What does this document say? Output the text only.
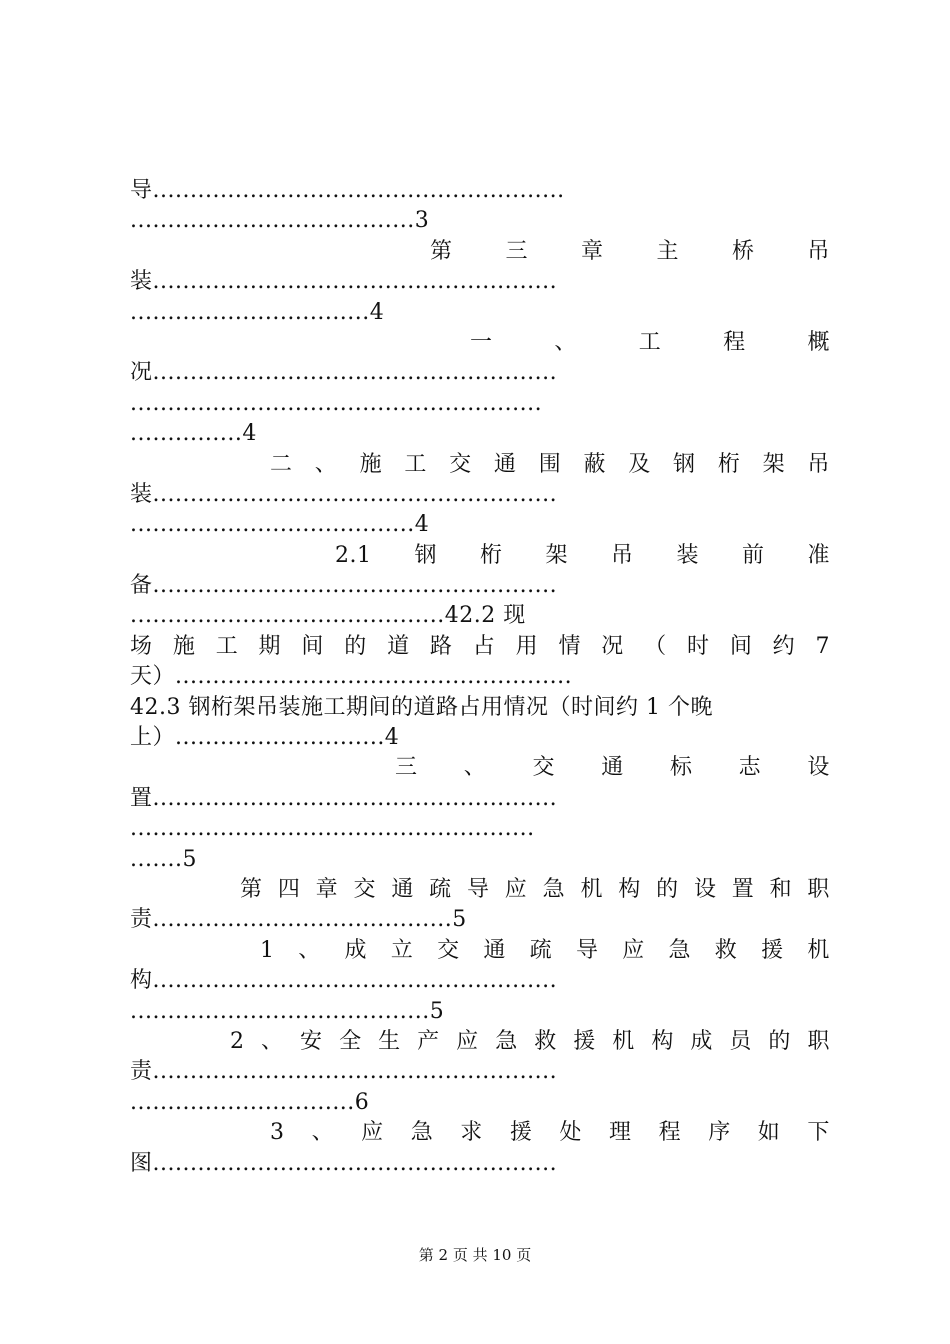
导.......................................................
......................................3
第 三 章 主 桥 吊
装......................................................
................................4
一	、	工	程	概
况......................................................
.......................................................
...............4
二 、 施 工 交 通 围 蔽 及 钢 桁 架 吊
装......................................................
......................................4
2.1 钢 桁 架 吊 装 前 准
备......................................................
..........................................42.2 现
场 施 工 期 间 的 道 路 占 用 情 况 （ 时 间 约 7
天）.....................................................
42.3 钢桁架吊装施工期间的道路占用情况（时间约 1 个晚
上）............................4
三 、 交 通 标 志 设
置......................................................
......................................................
.......5
第 四 章 交 通 疏 导 应 急 机 构 的 设 置 和 职
责........................................5
1 、 成 立 交 通 疏 导 应 急 救 援 机
构......................................................
........................................5
2 、 安 全 生 产 应 急 救 援 机 构 成 员 的 职
责......................................................
..............................6
3 、 应 急 求 援 处 理 程 序 如 下
图......................................................
第 2 页 共 10 页
